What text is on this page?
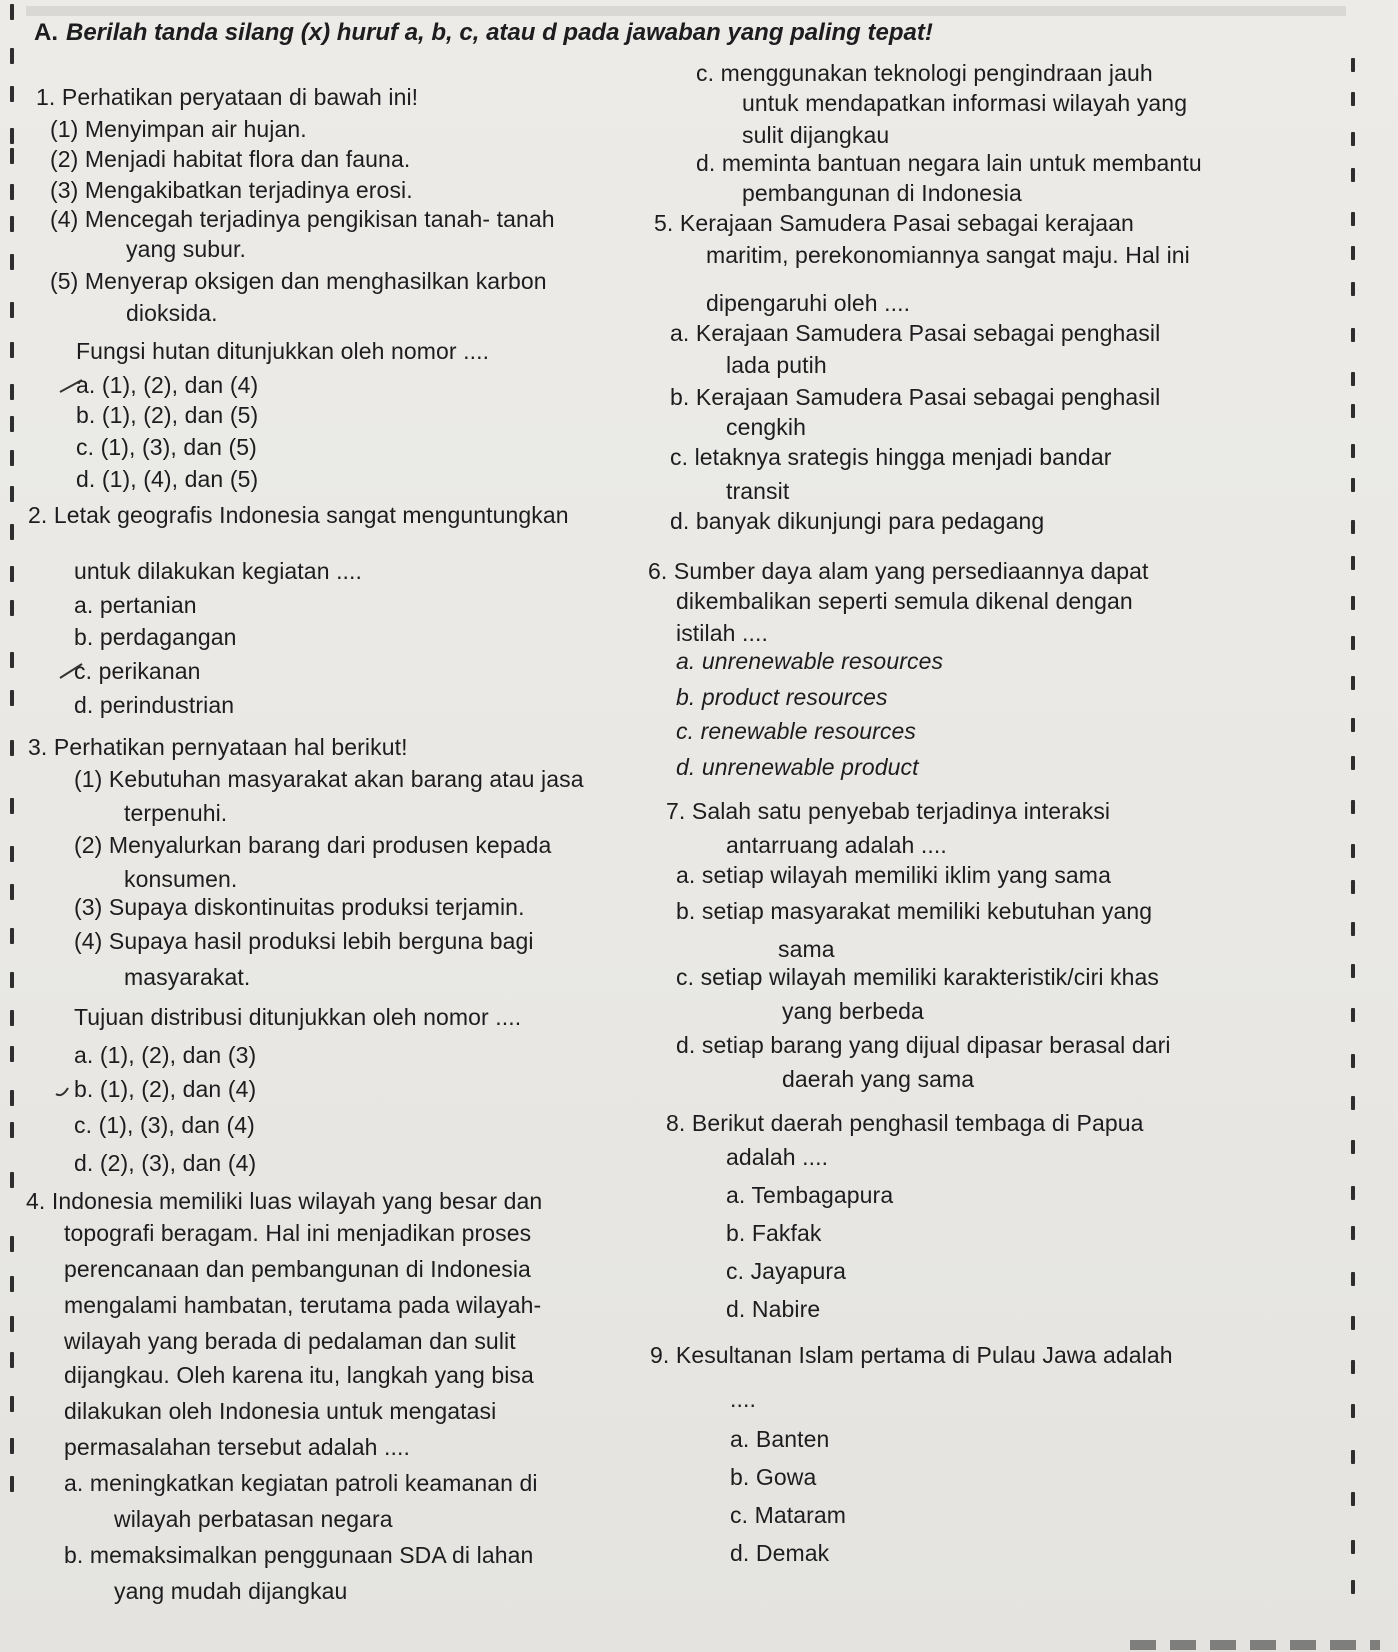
A. Berilah tanda silang (x) huruf a, b, c, atau d pada jawaban yang paling tepat!
1. Perhatikan peryataan di bawah ini!
(1) Menyimpan air hujan.
(2) Menjadi habitat flora dan fauna.
(3) Mengakibatkan terjadinya erosi.
(4) Mencegah terjadinya pengikisan tanah- tanah
yang subur.
(5) Menyerap oksigen dan menghasilkan karbon
dioksida.
Fungsi hutan ditunjukkan oleh nomor ....
a. (1), (2), dan (4)
b. (1), (2), dan (5)
c. (1), (3), dan (5)
d. (1), (4), dan (5)
2. Letak geografis Indonesia sangat menguntungkan
untuk dilakukan kegiatan ....
a. pertanian
b. perdagangan
c. perikanan
d. perindustrian
3. Perhatikan pernyataan hal berikut!
(1) Kebutuhan masyarakat akan barang atau jasa
terpenuhi.
(2) Menyalurkan barang dari produsen kepada
konsumen.
(3) Supaya diskontinuitas produksi terjamin.
(4) Supaya hasil produksi lebih berguna bagi
masyarakat.
Tujuan distribusi ditunjukkan oleh nomor ....
a. (1), (2), dan (3)
b. (1), (2), dan (4)
c. (1), (3), dan (4)
d. (2), (3), dan (4)
4. Indonesia memiliki luas wilayah yang besar dan
topografi beragam. Hal ini menjadikan proses
perencanaan dan pembangunan di Indonesia
mengalami hambatan, terutama pada wilayah-
wilayah yang berada di pedalaman dan sulit
dijangkau. Oleh karena itu, langkah yang bisa
dilakukan oleh Indonesia untuk mengatasi
permasalahan tersebut adalah ....
a. meningkatkan kegiatan patroli keamanan di
wilayah perbatasan negara
b. memaksimalkan penggunaan SDA di lahan
yang mudah dijangkau
c. menggunakan teknologi pengindraan jauh
untuk mendapatkan informasi wilayah yang
sulit dijangkau
d. meminta bantuan negara lain untuk membantu
pembangunan di Indonesia
5. Kerajaan Samudera Pasai sebagai kerajaan
maritim, perekonomiannya sangat maju. Hal ini
dipengaruhi oleh ....
a. Kerajaan Samudera Pasai sebagai penghasil
lada putih
b. Kerajaan Samudera Pasai sebagai penghasil
cengkih
c. letaknya srategis hingga menjadi bandar
transit
d. banyak dikunjungi para pedagang
6. Sumber daya alam yang persediaannya dapat
dikembalikan seperti semula dikenal dengan
istilah ....
a. unrenewable resources
b. product resources
c. renewable resources
d. unrenewable product
7. Salah satu penyebab terjadinya interaksi
antarruang adalah ....
a. setiap wilayah memiliki iklim yang sama
b. setiap masyarakat memiliki kebutuhan yang
sama
c. setiap wilayah memiliki karakteristik/ciri khas
yang berbeda
d. setiap barang yang dijual dipasar berasal dari
daerah yang sama
8. Berikut daerah penghasil tembaga di Papua
adalah ....
a. Tembagapura
b. Fakfak
c. Jayapura
d. Nabire
9. Kesultanan Islam pertama di Pulau Jawa adalah
....
a. Banten
b. Gowa
c. Mataram
d. Demak
